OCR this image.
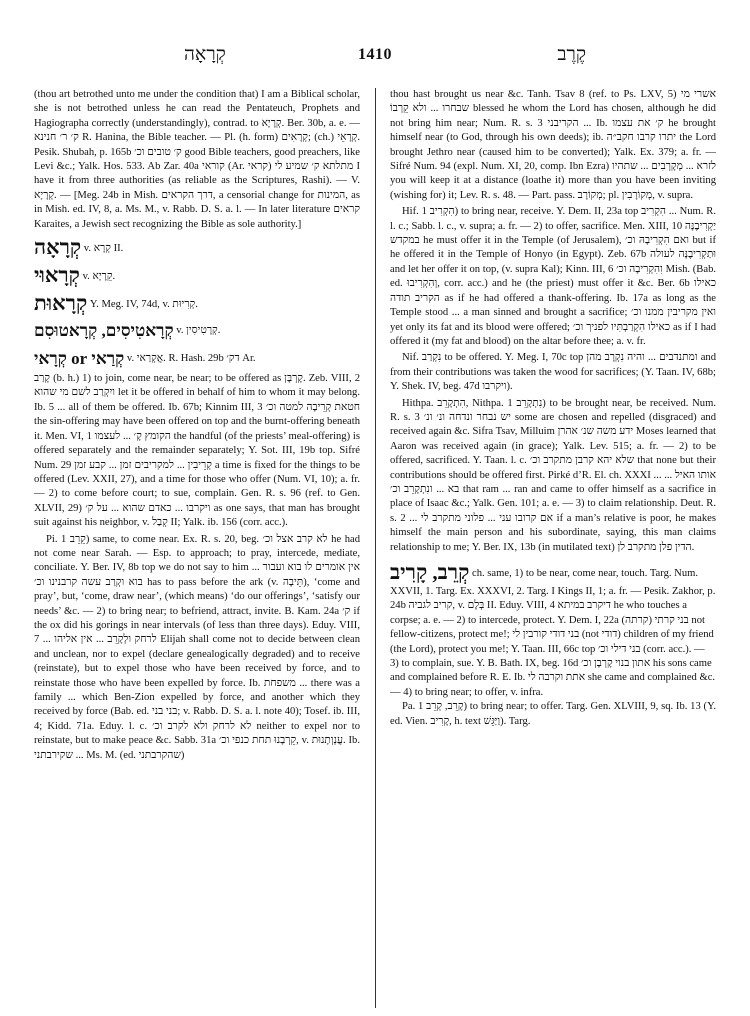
קְרָאָה	1410	קֶרֶב

(thou art betrothed unto me under the condition that) I am a Biblical scholar, she is not betrothed unless he can read the Pentateuch, Prophets and Hagiographa correctly (understandingly), contrad. to קְרָיָא. Ber. 30b, a. e. — ק׳ ר׳ חנינא R. Hanina, the Bible teacher. — Pl. (h. form) קְרָאִים; (ch.) קְרָאֵי. Pesik. Shubah, p. 165b ק׳ טובים וכ׳ good Bible teachers, good preachers, like Levi &c.; Yalk. Hos. 533. Ab Zar. 40a קוראי (Ar. קראי) מתלתא ק׳ שמיע לי I have it from three authorities (as reliable as the Scriptures, Rashi). — V. קְרָיָא. — [Meg. 24b in Mish. דרך הקראים, a censorial change for המינות, as in Mish. ed. IV, 8, a. Ms. M., v. Rabb. D. S. a. l. — In later literature קראים Karaites, a Jewish sect recognizing the Bible as sole authority.]

קְרָאָה v. קְרָא II.
קְרָאוּי v. קֵרָיָא.
קְרָאוּת Y. Meg. IV, 74d, v. קְרִיוּת.
קְרָאטִיסִים, קְרָאטוּסִם v. קְרָטִיסִין.
קְרַאי or קְרָאי v. אֲקְרַאי. R. Hash. 29b דק׳ Ar.

קָרַב (b. h.) 1) to join, come near, be near; to be offered as קָרְבָּן. Zeb. VIII, 2 ויִקְרַב לשם מי שהוא let it be offered in behalf of him to whom it may belong. Ib. 5 ... all of them be offered. Ib. 67b; Kinnim III, 3 חטאת קְרֵיבָה למטה וכ׳ the sin-offering may have been offered on top and the burnt-offering beneath it. Men. VI, 1 הקומץ קָ׳ ... לעצמו the handful (of the priests’ meal-offering) is offered separately and the remainder separately; Y. Sot. III, 19b top. Sifré Num. 29 קְרֵיבִין ... למקריבים זמן ... קבע זמן a time is fixed for the things to be offered (Lev. XXII, 27), and a time for those who offer (Num. VI, 10); a. fr. — 2) to come before court; to sue, complain. Gen. R. s. 96 (ref. to Gen. XLVII, 29) ויקרבו ... כאדם שהוא ... על ק׳ as one says, that man has brought suit against his neighbor, v. קְבַל II; Yalk. ib. 156 (corr. acc.).

Pi. קֵרֵב 1) same, to come near. Ex. R. s. 20, beg. לא קרב אצל וכ׳ he had not come near Sarah. — Esp. to approach; to pray, intercede, mediate, conciliate. Y. Ber. IV, 8b top we do not say to him אין אומרים לו בוא ועבור ... בוא וקְרַב עשה קרבנינו וכ׳ has to pass before the ark (v. תֵּיבָה), ‘come and pray’, but, ‘come, draw near’, (which means) ‘do our offerings’, ‘satisfy our needs’ &c. — 2) to bring near; to befriend, attract, invite. B. Kam. 24a ק׳ if the ox did his gorings in near intervals (of less than three days). Eduy. VIII, 7 ... לרחק ולְקָרֵב ... אין אליהו Elijah shall come not to decide between clean and unclean, nor to expel (declare genealogically degraded) and to receive (reinstate), but to expel those who have been received by force, and to reinstate those who have been expelled by force. Ib. משפחת ... there was a family ... which Ben-Zion expelled by force, and another which they received by force (Bab. ed. בני בני; v. Rabb. D. S. a. l. note 40); Tosef. ib. III, 4; Kidd. 71a. Eduy. l. c. לא לרחק ולא לקרב וכ׳ neither to expel nor to reinstate, but to make peace &c. Sabb. 31a קֵרְבָנוּ תחת כנפי וכ׳, v. עֲנְוְתָנוּת. Ib. שקירבתני ... Ms. M. (ed. שהקרבתני)

thou hast brought us near &c. Tanh. Tsav 8 (ref. to Ps. LXV, 5) אשרי מי שבחרו ... ולא קֵרְבוֹ blessed he whom the Lord has chosen, although he did not bring him near; Num. R. s. 3 הקריבני ... Ib. ק׳ את עצמו he brought himself near (to God, through his own deeds); ib. יתרו קרבו חקב״ה the Lord brought Jethro near (caused him to be converted); Yalk. Ex. 379; a. fr. — Sifré Num. 94 (expl. Num. XI, 20, comp. Ibn Ezra) לזרא ... מְקָרְבִים ... שתהיו you will keep it at a distance (loathe it) more than you have been inviting (wishing for) it; Lev. R. s. 48. — Part. pass. מְקוֹרָב; pl. מְקוֹרָבִין, v. supra.

Hif. הִקְרִיב 1) to bring near, receive. Y. Dem. II, 23a top הִקְרִיב ... Num. R. l. c.; Sabb. l. c., v. supra; a. fr. — 2) to offer, sacrifice. Men. XIII, 10 יַקְרִיבֶנָּה במקדש he must offer it in the Temple (of Jerusalem), ואם הִקְרִיבָהּ וכ׳ but if he offered it in the Temple of Honyo (in Egypt). Zeb. 67b וּתַקְרִיבֶנָּה לעולה and let her offer it on top, (v. supra Kal); Kinn. III, 6 וִהִקְרִיבָה וכ׳ Mish. (Bab. ed. וְהִקְרִיבוּ, corr. acc.) and he (the priest) must offer it &c. Ber. 6b כאילו הקריב תודה as if he had offered a thank-offering. Ib. 17a as long as the Temple stood ... a man sinned and brought a sacrifice; ואין מקריבין ממנו וכ׳ yet only its fat and its blood were offered; כאילו הִקְרַבְתִּיו לפניך וכ׳ as if I had offered it (my fat and blood) on the altar before thee; a. v. fr.

Nif. נִקְרַב to be offered. Y. Meg. I, 70c top ומתנדבים ... והיה נִקְרָב מהן and from their contributions was taken the wood for sacrifices; (Y. Taan. IV, 68b; Y. Shek. IV, beg. 47d ויקרבו).

Hithpa. הִתְקָרֵב, Nithpa. נִתְקָרֵב 1) to be brought near, be received. Num. R. s. 3 יש נבחר ונדחה ונ׳ ונ׳ some are chosen and repelled (disgraced) and received again &c. Sifra Tsav, Milluim ידע משה שנ׳ אהרן Moses learned that Aaron was received again (in grace); Yalk. Lev. 515; a. fr. — 2) to be offered, sacrificed. Y. Taan. l. c. שלא יהא קרבן מתקרב וכ׳ that none but their contributions should be offered first. Pirké d’R. El. ch. XXXI ... אותו האיל ... בא ... ונִתְקָרֵב וכ׳ that ram ... ran and came to offer himself as a sacrifice in place of Isaac &c.; Yalk. Gen. 101; a. e. — 3) to claim relationship. Deut. R. s. 2 ... אם קרובו עני ... פלוני מתקרב לי if a man’s relative is poor, he makes himself the main person and his subordinate, saying, this man claims relationship to me; Y. Ber. IX, 13b (in mutilated text) הדין פלן מתקרב לן.

קְרֵב, קָרִיב ch. same, 1) to be near, come near, touch. Targ. Num. XXVII, 1. Targ. Ex. XXXVI, 2. Targ. I Kings II, 1; a. fr. — Pesik. Zakhor, p. 24b קריב לגביה, v. בְּלָם II. Eduy. VIII, 4 דיקרב במיתא he who touches a corpse; a. e. — 2) to intercede, protect. Y. Dem. I, 22a בני קרתי (קרתה) not fellow-citizens, protect me!; בני דודי קורבין לי (not דודי) children of my friend (the Lord), protect you me!; Y. Taan. III, 66c top בני דילי וכ׳ (corr. acc.). — 3) to complain, sue. Y. B. Bath. IX, beg. 16d אתון בנוי קָרְבָן וכ׳ his sons came and complained before R. E. Ib. אתת וקרבה לי she came and complained &c. — 4) to bring near; to offer, v. infra.

Pa. קָרֵב, קְרֵב 1) to bring near; to offer. Targ. Gen. XLVIII, 9, sq. Ib. 13 (Y. ed. Vien. קָרִיב, h. text וַיַּגֵּשׁ). Targ.
